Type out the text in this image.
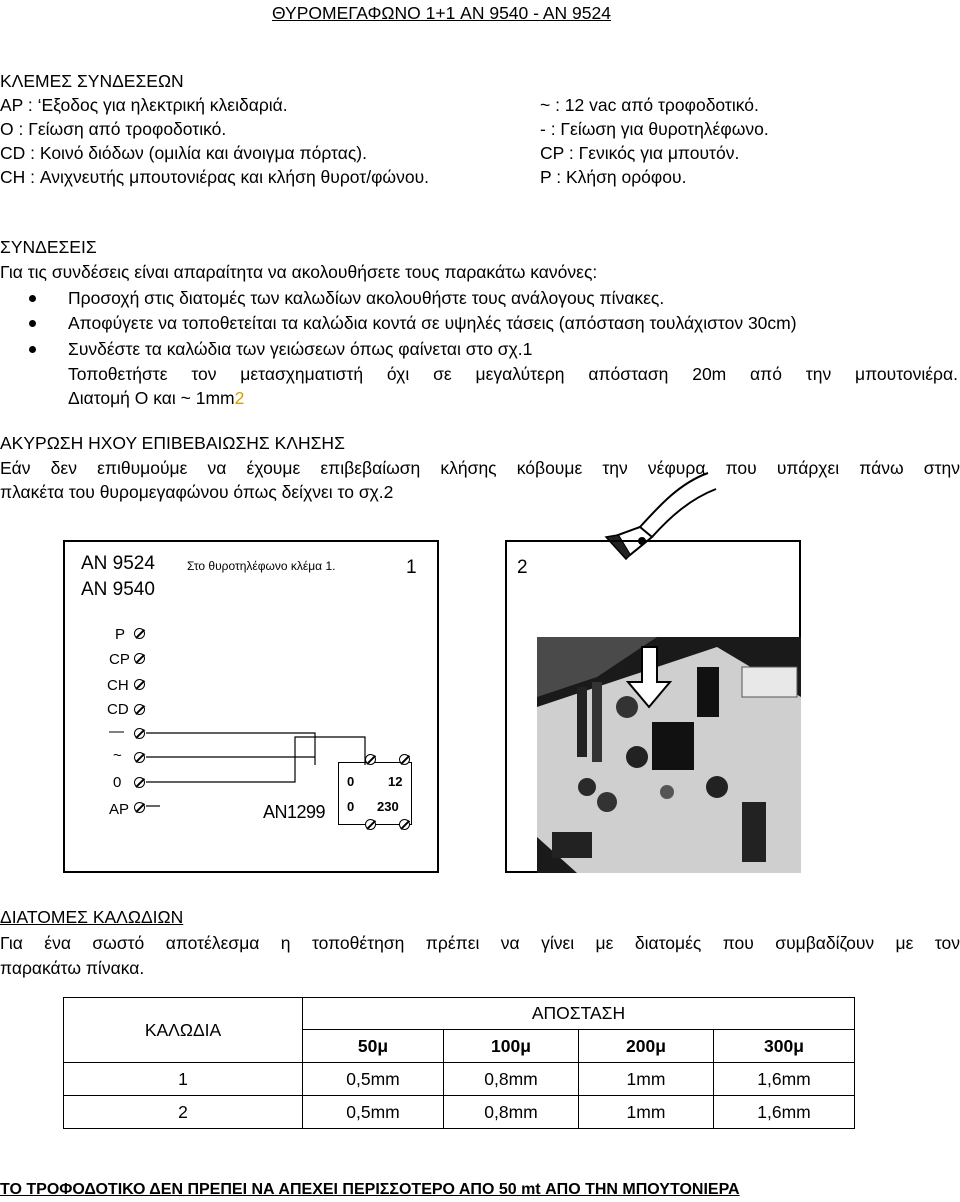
ΘΥΡΟΜΕΓΑΦΩΝΟ 1+1 AN 9540 - AN 9524
ΚΛΕΜΕΣ ΣΥΝΔΕΣΕΩΝ
AP : ‘Εξοδος για ηλεκτρική κλειδαριά.
O : Γείωση από τροφοδοτικό.
CD : Κοινό διόδων (ομιλία και άνοιγμα πόρτας).
CH : Ανιχνευτής μπουτονιέρας και κλήση θυροτ/φώνου.
~ : 12 vac από τροφοδοτικό.
- : Γείωση για θυροτηλέφωνο.
CP : Γενικός για μπουτόν.
P : Κλήση ορόφου.
ΣΥΝΔΕΣΕΙΣ
Για τις συνδέσεις είναι απαραίτητα να ακολουθήσετε τους παρακάτω κανόνες:
Προσοχή στις διατομές των καλωδίων ακολουθήστε τους ανάλογους πίνακες.
Αποφύγετε να τοποθετείται τα καλώδια κοντά σε υψηλές τάσεις (απόσταση τουλάχιστον 30cm)
Συνδέστε τα καλώδια των γειώσεων όπως φαίνεται στο σχ.1
Τοποθετήστε τον μετασχηματιστή όχι σε μεγαλύτερη απόσταση 20m από την μπουτονιέρα.
Διατομή O και ~ 1mm2
ΑΚΥΡΩΣΗ ΗΧΟΥ ΕΠΙΒΕΒΑΙΩΣΗΣ ΚΛΗΣΗΣ
Εάν δεν επιθυμούμε να έχουμε επιβεβαίωση κλήσης κόβουμε την νέφυρα που υπάρχει πάνω στην
πλακέτα του θυρομεγαφώνου όπως δείχνει το σχ.2
AN 9524
AN 9540
Στο θυροτηλέφωνο κλέμα 1.	1
P
CP
CH
CD
—
~
0
AP	AN1299
0	12
0 230
2
ΔΙΑΤΟΜΕΣ ΚΑΛΩΔΙΩΝ
Για ένα σωστό αποτέλεσμα η τοποθέτηση πρέπει να γίνει με διατομές που συμβαδίζουν με τον
παρακάτω πίνακα.
ΚΑΛΩΔΙΑ	ΑΠΟΣΤΑΣΗ			
	50μ	100μ	200μ	300μ
1	0,5mm	0,8mm	1mm	1,6mm
2	0,5mm	0,8mm	1mm	1,6mm
ΤΟ ΤΡΟΦΟΔΟΤΙΚΟ ΔΕΝ ΠΡΕΠΕΙ ΝΑ ΑΠΕΧΕΙ ΠΕΡΙΣΣΟΤΕΡΟ ΑΠΟ 50 mt ΑΠΟ ΤΗΝ ΜΠΟΥΤΟΝΙΕΡΑ
